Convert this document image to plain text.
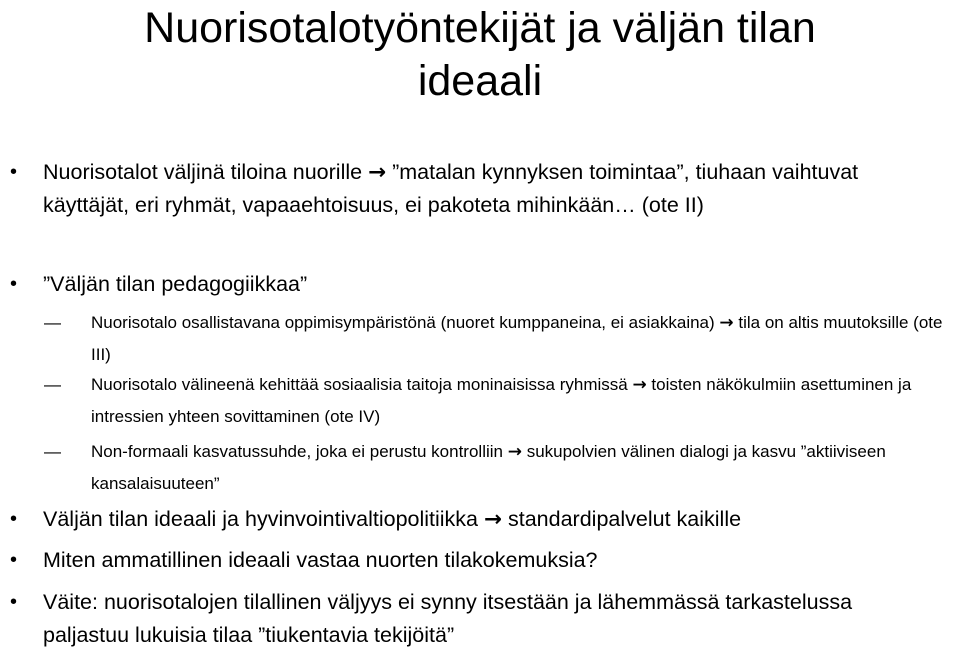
Nuorisotalotyöntekijät ja väljän tilan
ideaali
• Nuorisotalot väljinä tiloina nuorille → ”matalan kynnyksen toimintaa”, tiuhaan vaihtuvat käyttäjät, eri ryhmät, vapaaehtoisuus, ei pakoteta mihinkään… (ote II)
• ”Väljän tilan pedagogiikkaa”
— Nuorisotalo osallistavana oppimisympäristönä (nuoret kumppaneina, ei asiakkaina) → tila on altis muutoksille (ote III)
— Nuorisotalo välineenä kehittää sosiaalisia taitoja moninaisissa ryhmissä → toisten näkökulmiin asettuminen ja intressien yhteen sovittaminen (ote IV)
— Non-formaali kasvatussuhde, joka ei perustu kontrolliin → sukupolvien välinen dialogi ja kasvu ”aktiiviseen kansalaisuuteen”
• Väljän tilan ideaali ja hyvinvointivaltiopolitiikka → standardipalvelut kaikille
• Miten ammatillinen ideaali vastaa nuorten tilakokemuksia?
• Väite: nuorisotalojen tilallinen väljyys ei synny itsestään ja lähemmässä tarkastelussa paljastuu lukuisia tilaa ”tiukentavia tekijöitä”
